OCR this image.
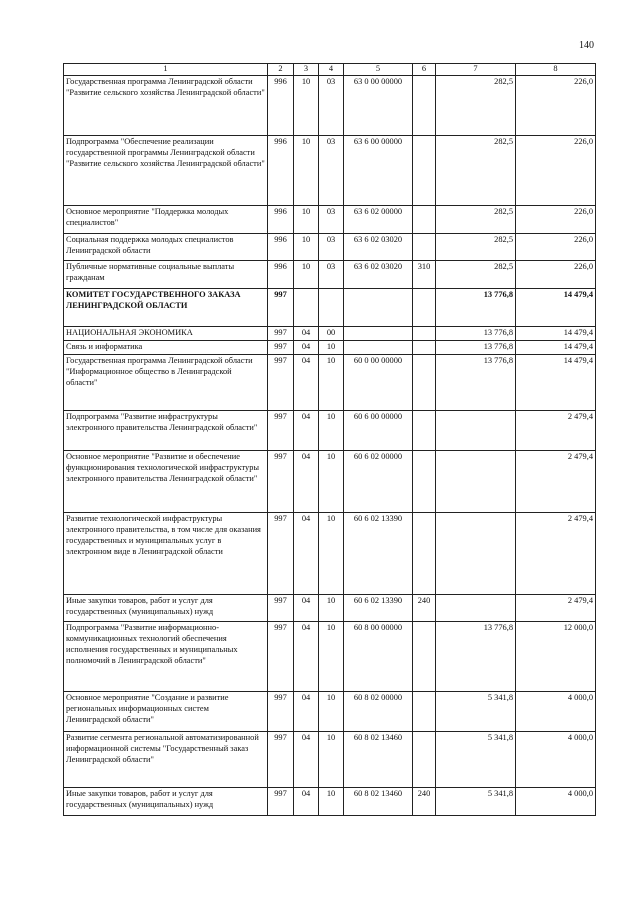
140
1	2	3	4	5	6	7	8
Государственная программа Ленинградской области "Развитие сельского хозяйства Ленинградской области"	996	10	03	63 0 00 00000		282,5	226,0
Подпрограмма "Обеспечение реализации государственной программы Ленинградской области "Развитие сельского хозяйства Ленинградской области"	996	10	03	63 6 00 00000		282,5	226,0
Основное мероприятие "Поддержка молодых специалистов"	996	10	03	63 6 02 00000		282,5	226,0
Социальная поддержка молодых специалистов Ленинградской области	996	10	03	63 6 02 03020		282,5	226,0
Публичные нормативные социальные выплаты гражданам	996	10	03	63 6 02 03020	310	282,5	226,0
КОМИТЕТ ГОСУДАРСТВЕННОГО ЗАКАЗА ЛЕНИНГРАДСКОЙ ОБЛАСТИ	997					13 776,8	14 479,4
НАЦИОНАЛЬНАЯ ЭКОНОМИКА	997	04	00			13 776,8	14 479,4
Связь и информатика	997	04	10			13 776,8	14 479,4
Государственная программа Ленинградской области "Информационное общество в Ленинградской области"	997	04	10	60 0 00 00000		13 776,8	14 479,4
Подпрограмма "Развитие инфраструктуры электронного правительства Ленинградской области"	997	04	10	60 6 00 00000			2 479,4
Основное мероприятие "Развитие и обеспечение функционирования технологической инфраструктуры электронного правительства Ленинградской области"	997	04	10	60 6 02 00000			2 479,4
Развитие технологической инфраструктуры электронного правительства, в том числе для оказания государственных и муниципальных услуг в электронном виде в Ленинградской области	997	04	10	60 6 02 13390			2 479,4
Иные закупки товаров, работ и услуг для государственных (муниципальных) нужд	997	04	10	60 6 02 13390	240		2 479,4
Подпрограмма "Развитие информационно-коммуникационных технологий обеспечения исполнения государственных и муниципальных полномочий в Ленинградской области"	997	04	10	60 8 00 00000		13 776,8	12 000,0
Основное мероприятие "Создание и развитие региональных информационных систем Ленинградской области"	997	04	10	60 8 02 00000		5 341,8	4 000,0
Развитие сегмента региональной автоматизированной информационной системы "Государственный заказ Ленинградской области"	997	04	10	60 8 02 13460		5 341,8	4 000,0
Иные закупки товаров, работ и услуг для государственных (муниципальных) нужд	997	04	10	60 8 02 13460	240	5 341,8	4 000,0
